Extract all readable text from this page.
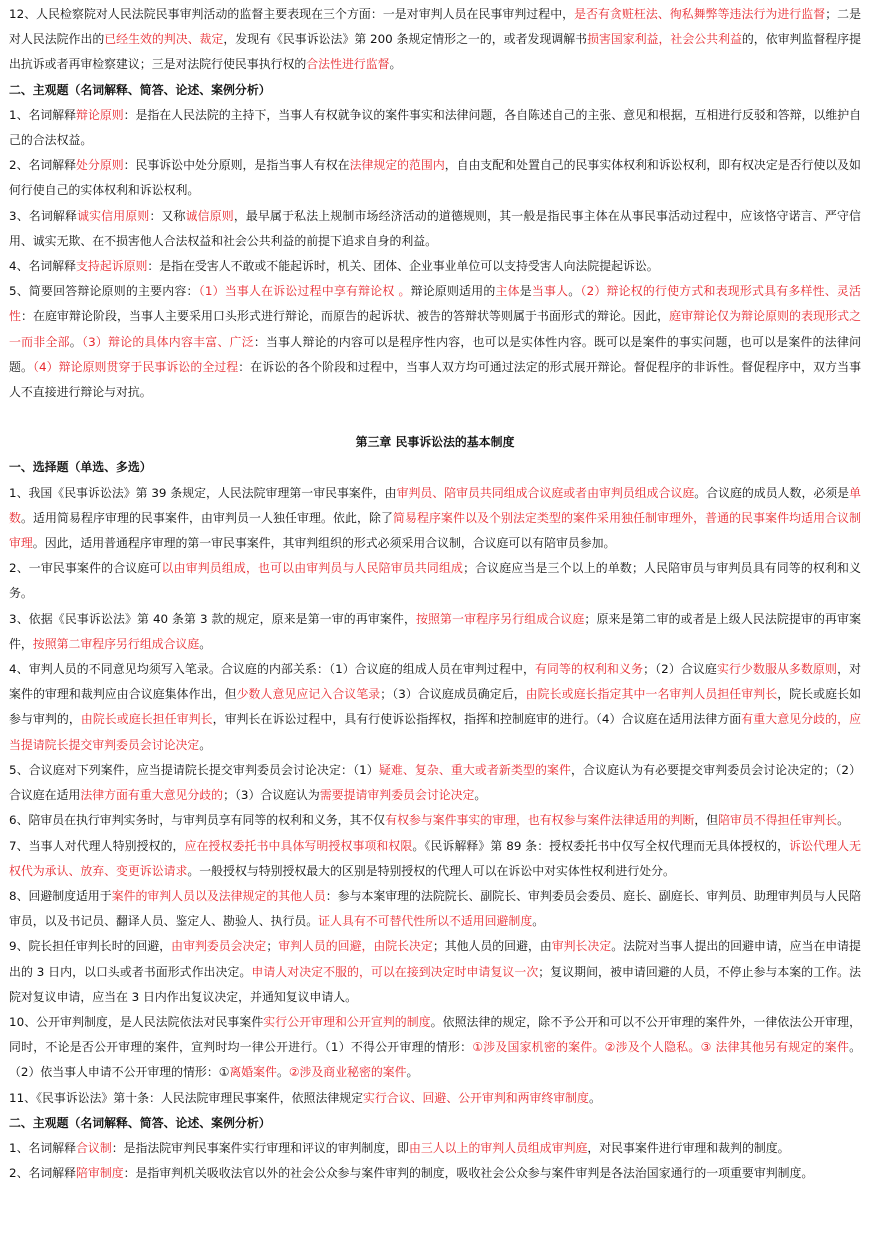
12、人民检察院对人民法院民事审判活动的监督主要表现在三个方面：一是对审判人员在民事审判过程中，是否有贪赃枉法、徇私舞弊等违法行为进行监督；二是对人民法院作出的已经生效的判决、裁定，发现有《民事诉讼法》第 200 条规定情形之一的，或者发现调解书损害国家利益，社会公共利益的，依审判监督程序提出抗诉或者再审检察建议；三是对法院行使民事执行权的合法性进行监督。

二、主观题（名词解释、简答、论述、案例分析）

1、名词解释辩论原则：是指在人民法院的主持下，当事人有权就争议的案件事实和法律问题，各自陈述自己的主张、意见和根据，互相进行反驳和答辩，以维护自己的合法权益。

2、名词解释处分原则：民事诉讼中处分原则，是指当事人有权在法律规定的范围内，自由支配和处置自己的民事实体权利和诉讼权利，即有权决定是否行使以及如何行使自己的实体权利和诉讼权利。

3、名词解释诚实信用原则：又称诚信原则，最早属于私法上规制市场经济活动的道德规则，其一般是指民事主体在从事民事活动过程中，应该恪守诺言、严守信用、诚实无欺、在不损害他人合法权益和社会公共利益的前提下追求自身的利益。

4、名词解释支持起诉原则：是指在受害人不敢或不能起诉时，机关、团体、企业事业单位可以支持受害人向法院提起诉讼。

5、简要回答辩论原则的主要内容：（1）当事人在诉讼过程中享有辩论权 。辩论原则适用的主体是当事人。（2）辩论权的行使方式和表现形式具有多样性、灵活性：在庭审辩论阶段，当事人主要采用口头形式进行辩论，而原告的起诉状、被告的答辩状等则属于书面形式的辩论。因此，庭审辩论仅为辩论原则的表现形式之一而非全部。（3）辩论的具体内容丰富、广泛：当事人辩论的内容可以是程序性内容，也可以是实体性内容。既可以是案件的事实问题，也可以是案件的法律问题。（4）辩论原则贯穿于民事诉讼的全过程：在诉讼的各个阶段和过程中，当事人双方均可通过法定的形式展开辩论。督促程序的非诉性。督促程序中，双方当事人不直接进行辩论与对抗。

第三章 民事诉讼法的基本制度

一、选择题（单选、多选）

1、我国《民事诉讼法》第 39 条规定，人民法院审理第一审民事案件，由审判员、陪审员共同组成合议庭或者由审判员组成合议庭。合议庭的成员人数，必须是单数。适用简易程序审理的民事案件，由审判员一人独任审理。依此，除了简易程序案件以及个别法定类型的案件采用独任制审理外，普通的民事案件均适用合议制审理。因此，适用普通程序审理的第一审民事案件，其审判组织的形式必须采用合议制，合议庭可以有陪审员参加。

2、一审民事案件的合议庭可以由审判员组成，也可以由审判员与人民陪审员共同组成；合议庭应当是三个以上的单数；人民陪审员与审判员具有同等的权利和义务。

3、依据《民事诉讼法》第 40 条第 3 款的规定，原来是第一审的再审案件，按照第一审程序另行组成合议庭；原来是第二审的或者是上级人民法院提审的再审案件，按照第二审程序另行组成合议庭。

4、审判人员的不同意见均须写入笔录。合议庭的内部关系：（1）合议庭的组成人员在审判过程中，有同等的权利和义务；（2）合议庭实行少数服从多数原则，对案件的审理和裁判应由合议庭集体作出，但少数人意见应记入合议笔录；（3）合议庭成员确定后，由院长或庭长指定其中一名审判人员担任审判长，院长或庭长如参与审判的，由院长或庭长担任审判长，审判长在诉讼过程中，具有行使诉讼指挥权，指挥和控制庭审的进行。（4）合议庭在适用法律方面有重大意见分歧的，应当提请院长提交审判委员会讨论决定。

5、合议庭对下列案件，应当提请院长提交审判委员会讨论决定：（1）疑难、复杂、重大或者新类型的案件，合议庭认为有必要提交审判委员会讨论决定的；（2）合议庭在适用法律方面有重大意见分歧的；（3）合议庭认为需要提请审判委员会讨论决定。

6、陪审员在执行审判实务时，与审判员享有同等的权利和义务，其不仅有权参与案件事实的审理，也有权参与案件法律适用的判断，但陪审员不得担任审判长。

7、当事人对代理人特别授权的，应在授权委托书中具体写明授权事项和权限。《民诉解释》第 89 条：授权委托书中仅写全权代理而无具体授权的，诉讼代理人无权代为承认、放弃、变更诉讼请求。一般授权与特别授权最大的区别是特别授权的代理人可以在诉讼中对实体性权利进行处分。

8、回避制度适用于案件的审判人员以及法律规定的其他人员：参与本案审理的法院院长、副院长、审判委员会委员、庭长、副庭长、审判员、助理审判员与人民陪审员，以及书记员、翻译人员、鉴定人、勘验人、执行员。证人具有不可替代性所以不适用回避制度。

9、院长担任审判长时的回避，由审判委员会决定；审判人员的回避，由院长决定；其他人员的回避，由审判长决定。法院对当事人提出的回避申请，应当在申请提出的 3 日内，以口头或者书面形式作出决定。申请人对决定不服的，可以在接到决定时申请复议一次；复议期间，被申请回避的人员，不停止参与本案的工作。法院对复议申请，应当在 3 日内作出复议决定，并通知复议申请人。

10、公开审判制度，是人民法院依法对民事案件实行公开审理和公开宣判的制度。依照法律的规定，除不予公开和可以不公开审理的案件外，一律依法公开审理，同时，不论是否公开审理的案件，宣判时均一律公开进行。（1）不得公开审理的情形：①涉及国家机密的案件。②涉及个人隐私。③ 法律其他另有规定的案件。（2）依当事人申请不公开审理的情形：①离婚案件。②涉及商业秘密的案件。

11、《民事诉讼法》第十条：人民法院审理民事案件，依照法律规定实行合议、回避、公开审判和两审终审制度。

二、主观题（名词解释、简答、论述、案例分析）

1、名词解释合议制：是指法院审判民事案件实行审理和评议的审判制度，即由三人以上的审判人员组成审判庭，对民事案件进行审理和裁判的制度。

2、名词解释陪审制度：是指审判机关吸收法官以外的社会公众参与案件审判的制度，吸收社会公众参与案件审判是各法治国家通行的一项重要审判制度。
